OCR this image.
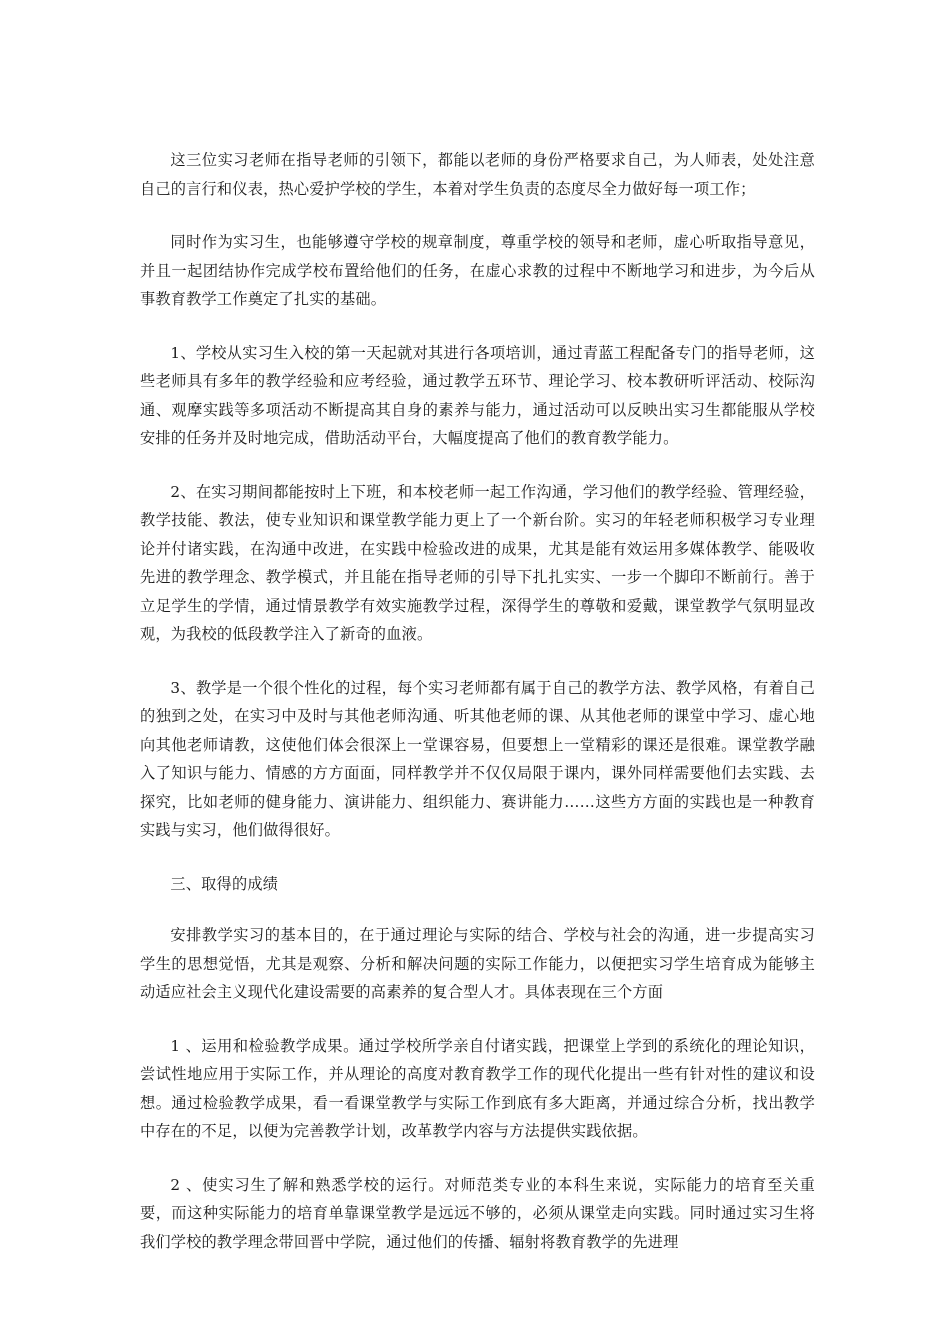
这三位实习老师在指导老师的引领下，都能以老师的身份严格要求自己，为人师表，处处注意自己的言行和仪表，热心爱护学校的学生，本着对学生负责的态度尽全力做好每一项工作；

同时作为实习生，也能够遵守学校的规章制度，尊重学校的领导和老师，虚心听取指导意见，并且一起团结协作完成学校布置给他们的任务，在虚心求教的过程中不断地学习和进步，为今后从事教育教学工作奠定了扎实的基础。

1、学校从实习生入校的第一天起就对其进行各项培训，通过青蓝工程配备专门的指导老师，这些老师具有多年的教学经验和应考经验，通过教学五环节、理论学习、校本教研听评活动、校际沟通、观摩实践等多项活动不断提高其自身的素养与能力，通过活动可以反映出实习生都能服从学校安排的任务并及时地完成，借助活动平台，大幅度提高了他们的教育教学能力。

2、在实习期间都能按时上下班，和本校老师一起工作沟通，学习他们的教学经验、管理经验，教学技能、教法，使专业知识和课堂教学能力更上了一个新台阶。实习的年轻老师积极学习专业理论并付诸实践，在沟通中改进，在实践中检验改进的成果，尤其是能有效运用多媒体教学、能吸收先进的教学理念、教学模式，并且能在指导老师的引导下扎扎实实、一步一个脚印不断前行。善于立足学生的学情，通过情景教学有效实施教学过程，深得学生的尊敬和爱戴，课堂教学气氛明显改观，为我校的低段教学注入了新奇的血液。

3、教学是一个很个性化的过程，每个实习老师都有属于自己的教学方法、教学风格，有着自己的独到之处，在实习中及时与其他老师沟通、听其他老师的课、从其他老师的课堂中学习、虚心地向其他老师请教，这使他们体会很深上一堂课容易，但要想上一堂精彩的课还是很难。课堂教学融入了知识与能力、情感的方方面面，同样教学并不仅仅局限于课内，课外同样需要他们去实践、去探究，比如老师的健身能力、演讲能力、组织能力、赛讲能力……这些方方面的实践也是一种教育实践与实习，他们做得很好。

三、取得的成绩

安排教学实习的基本目的，在于通过理论与实际的结合、学校与社会的沟通，进一步提高实习学生的思想觉悟，尤其是观察、分析和解决问题的实际工作能力，以便把实习学生培育成为能够主动适应社会主义现代化建设需要的高素养的复合型人才。具体表现在三个方面

1 、运用和检验教学成果。通过学校所学亲自付诸实践，把课堂上学到的系统化的理论知识，尝试性地应用于实际工作，并从理论的高度对教育教学工作的现代化提出一些有针对性的建议和设想。通过检验教学成果，看一看课堂教学与实际工作到底有多大距离，并通过综合分析，找出教学中存在的不足，以便为完善教学计划，改革教学内容与方法提供实践依据。

2 、使实习生了解和熟悉学校的运行。对师范类专业的本科生来说，实际能力的培育至关重要，而这种实际能力的培育单靠课堂教学是远远不够的，必须从课堂走向实践。同时通过实习生将我们学校的教学理念带回晋中学院，通过他们的传播、辐射将教育教学的先进理
